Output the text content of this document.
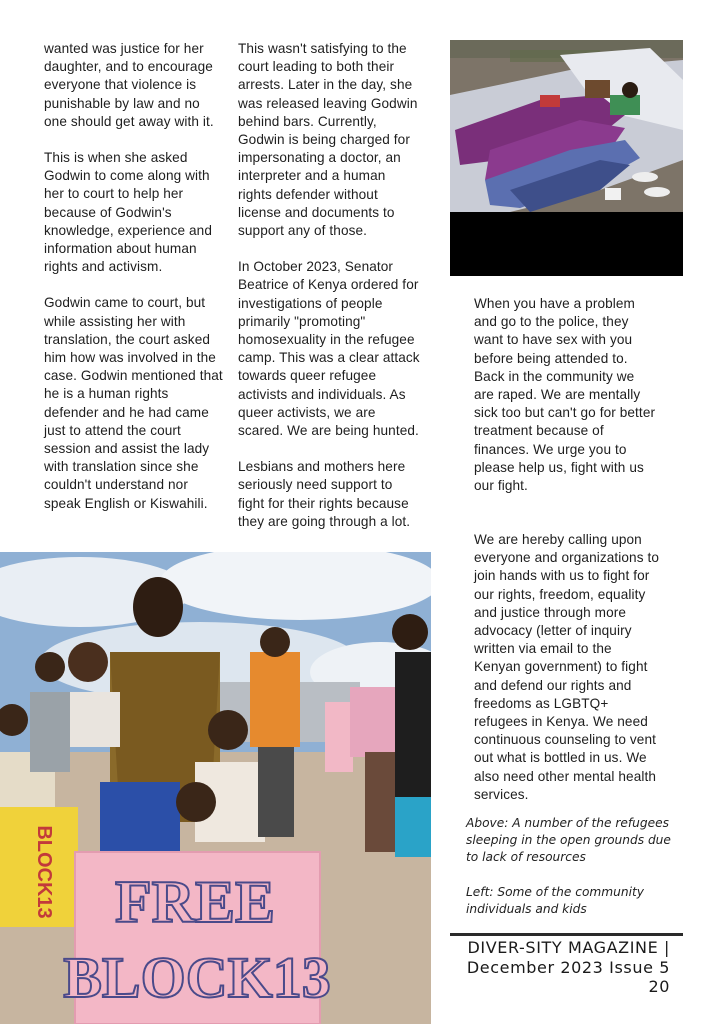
wanted was justice for her daughter, and to encourage everyone that violence is punishable by law and no one should get away with it.

This is when she asked Godwin to come along with her to court to help her because of Godwin's knowledge, experience and information about human rights and activism.

Godwin came to court, but while assisting her with translation, the court asked him how was involved in the case. Godwin mentioned that he is a human rights defender and he had came just to attend the court session and assist the lady with translation since she couldn't understand nor speak English or Kiswahili.

This wasn't satisfying to the court leading to both their arrests. Later in the day, she was released leaving Godwin behind bars. Currently, Godwin is being charged for impersonating a doctor, an interpreter and a human rights defender without license and documents to support any of those.

In October 2023, Senator Beatrice of Kenya ordered for investigations of people primarily "promoting" homosexuality in the refugee camp. This was a clear attack towards queer refugee activists and individuals. As queer activists, we are scared. We are being hunted.

Lesbians and mothers here seriously need support to fight for their rights because they are going through a lot.

When you have a problem and go to the police, they want to have sex with you before being attended to. Back in the community we are raped. We are mentally sick too but can't go for better treatment because of finances. We urge you to please help us, fight with us our fight.

We are hereby calling upon everyone and organizations to join hands with us to fight for our rights, freedom, equality and justice through more advocacy (letter of inquiry written via email to the Kenyan government) to fight and defend our rights and freedoms as LGBTQ+ refugees in Kenya. We need continuous counseling to vent out what is bottled in us. We also need other mental health services.

FREE
BLOCK13
BLOCK13
Above: A number of the refugees sleeping in the open grounds due to lack of resources
Left: Some of the community individuals and kids
DIVER-SITY MAGAZINE |
December 2023 Issue 5
20
